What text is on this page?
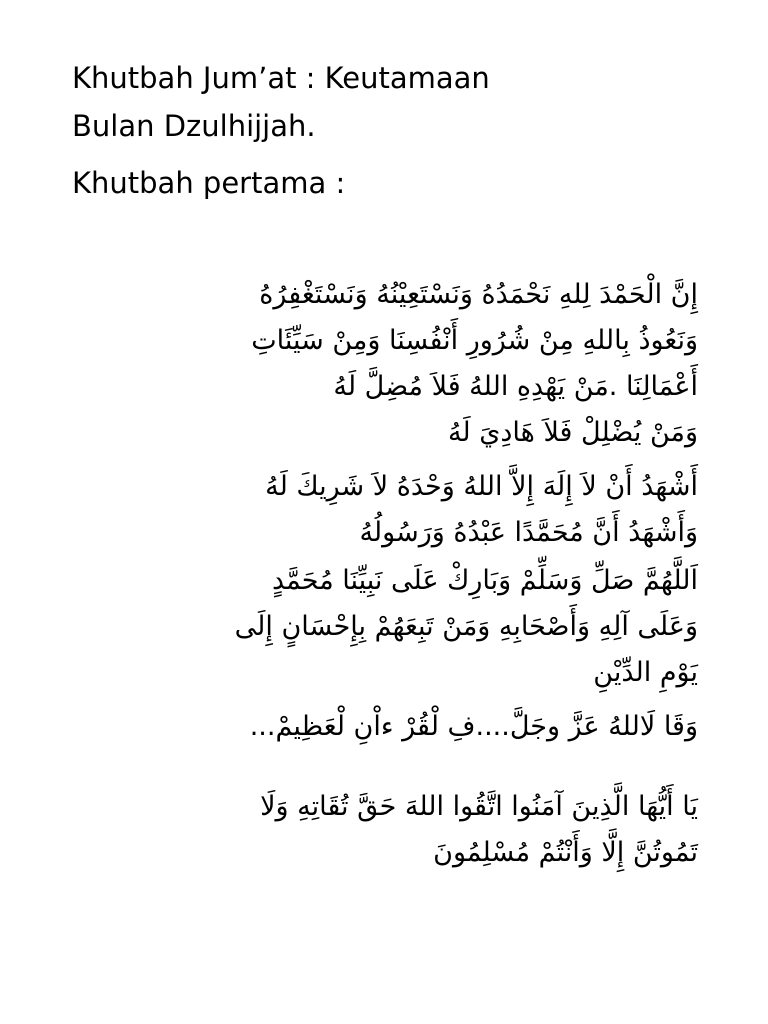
Khutbah Jum’at : Keutamaan
Bulan Dzulhijjah.
Khutbah pertama :
إِنَّ الْحَمْدَ لِلهِ نَحْمَدُهُ وَنَسْتَعِيْنُهُ وَنَسْتَغْفِرُهُ
وَنَعُوذُ بِاللهِ مِنْ شُرُورِ أَنْفُسِنَا وَمِنْ سَيِّئَاتِ
أَعْمَالِنَا .مَنْ يَهْدِهِ اللهُ فَلاَ مُضِلَّ لَهُ
وَمَنْ يُضْلِلْ فَلاَ هَادِيَ لَهُ
أَشْهَدُ أَنْ لاَ إِلَهَ إِلاَّ اللهُ وَحْدَهُ لاَ شَرِيكَ لَهُ
وَأَشْهَدُ أَنَّ مُحَمَّدًا عَبْدُهُ وَرَسُولُهُ
اَللَّهُمَّ صَلِّ وَسَلِّمْ وَبَارِكْ عَلَى نَبِيِّنَا مُحَمَّدٍ
وَعَلَى آلِهِ وَأَصْحَابِهِ وَمَنْ تَبِعَهُمْ بِإِحْسَانٍ إِلَى
يَوْمِ الدِّيْنِ
وَقَا لَاللهُ عَزَّ وجَلَّ....فِ لْقُرْ ءاْنِ لْعَظِيمْ...
يَا أَيُّهَا الَّذِينَ آمَنُوا اتَّقُوا اللهَ حَقَّ تُقَاتِهِ وَلَا
تَمُوتُنَّ إِلَّا وَأَنْتُمْ مُسْلِمُونَ
